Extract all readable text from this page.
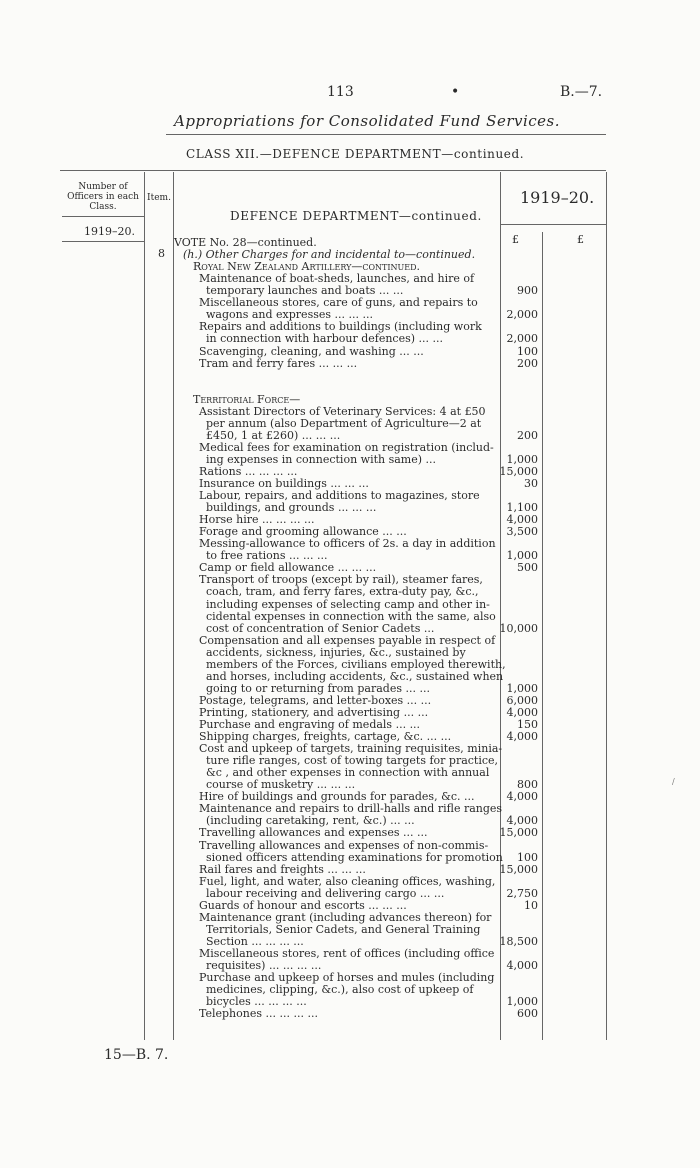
113	•	B.—7.
Appropriations for Consolidated Fund Services.
CLASS XII.—DEFENCE DEPARTMENT—continued.
Number of
Officers in each
Class.
Item.
DEFENCE DEPARTMENT—continued.
1919–20.
1919–20.
£	£
8
VOTE No. 28—continued.
(h.) Other Charges for and incidental to—continued.
Royal New Zealand Artillery—continued.
Maintenance of boat-sheds, launches, and hire of
temporary launches and boats ... ...	900
Miscellaneous stores, care of guns, and repairs to
wagons and expresses ... ... ...	2,000
Repairs and additions to buildings (including work
in connection with harbour defences) ... ...	2,000
Scavenging, cleaning, and washing ... ...	100
Tram and ferry fares ... ... ...	200
Territorial Force—
Assistant Directors of Veterinary Services: 4 at £50
per annum (also Department of Agriculture—2 at
£450, 1 at £260) ... ... ...	200
Medical fees for examination on registration (includ-
ing expenses in connection with same) ...	1,000
Rations ... ... ... ...	15,000
Insurance on buildings ... ... ...	30
Labour, repairs, and additions to magazines, store
buildings, and grounds ... ... ...	1,100
Horse hire ... ... ... ...	4,000
Forage and grooming allowance ... ...	3,500
Messing-allowance to officers of 2s. a day in addition
to free rations ... ... ...	1,000
Camp or field allowance ... ... ...	500
Transport of troops (except by rail), steamer fares,
coach, tram, and ferry fares, extra-duty pay, &c.,
including expenses of selecting camp and other in-
cidental expenses in connection with the same, also
cost of concentration of Senior Cadets ...	10,000
Compensation and all expenses payable in respect of
accidents, sickness, injuries, &c., sustained by
members of the Forces, civilians employed therewith,
and horses, including accidents, &c., sustained when
going to or returning from parades ... ...	1,000
Postage, telegrams, and letter-boxes ... ...	6,000
Printing, stationery, and advertising ... ...	4,000
Purchase and engraving of medals ... ...	150
Shipping charges, freights, cartage, &c. ... ...	4,000
Cost and upkeep of targets, training requisites, minia-
ture rifle ranges, cost of towing targets for practice,
&c , and other expenses in connection with annual
course of musketry ... ... ...	800
Hire of buildings and grounds for parades, &c. ...	4,000
Maintenance and repairs to drill-halls and rifle ranges
(including caretaking, rent, &c.) ... ...	4,000
Travelling allowances and expenses ... ...	15,000
Travelling allowances and expenses of non-commis-
sioned officers attending examinations for promotion	100
Rail fares and freights ... ... ...	15,000
Fuel, light, and water, also cleaning offices, washing,
labour receiving and delivering cargo ... ...	2,750
Guards of honour and escorts ... ... ...	10
Maintenance grant (including advances thereon) for
Territorials, Senior Cadets, and General Training
Section ... ... ... ...	18,500
Miscellaneous stores, rent of offices (including office
requisites) ... ... ... ...	4,000
Purchase and upkeep of horses and mules (including
medicines, clipping, &c.), also cost of upkeep of
bicycles ... ... ... ...	1,000
Telephones ... ... ... ...	600
15—B. 7.
/
